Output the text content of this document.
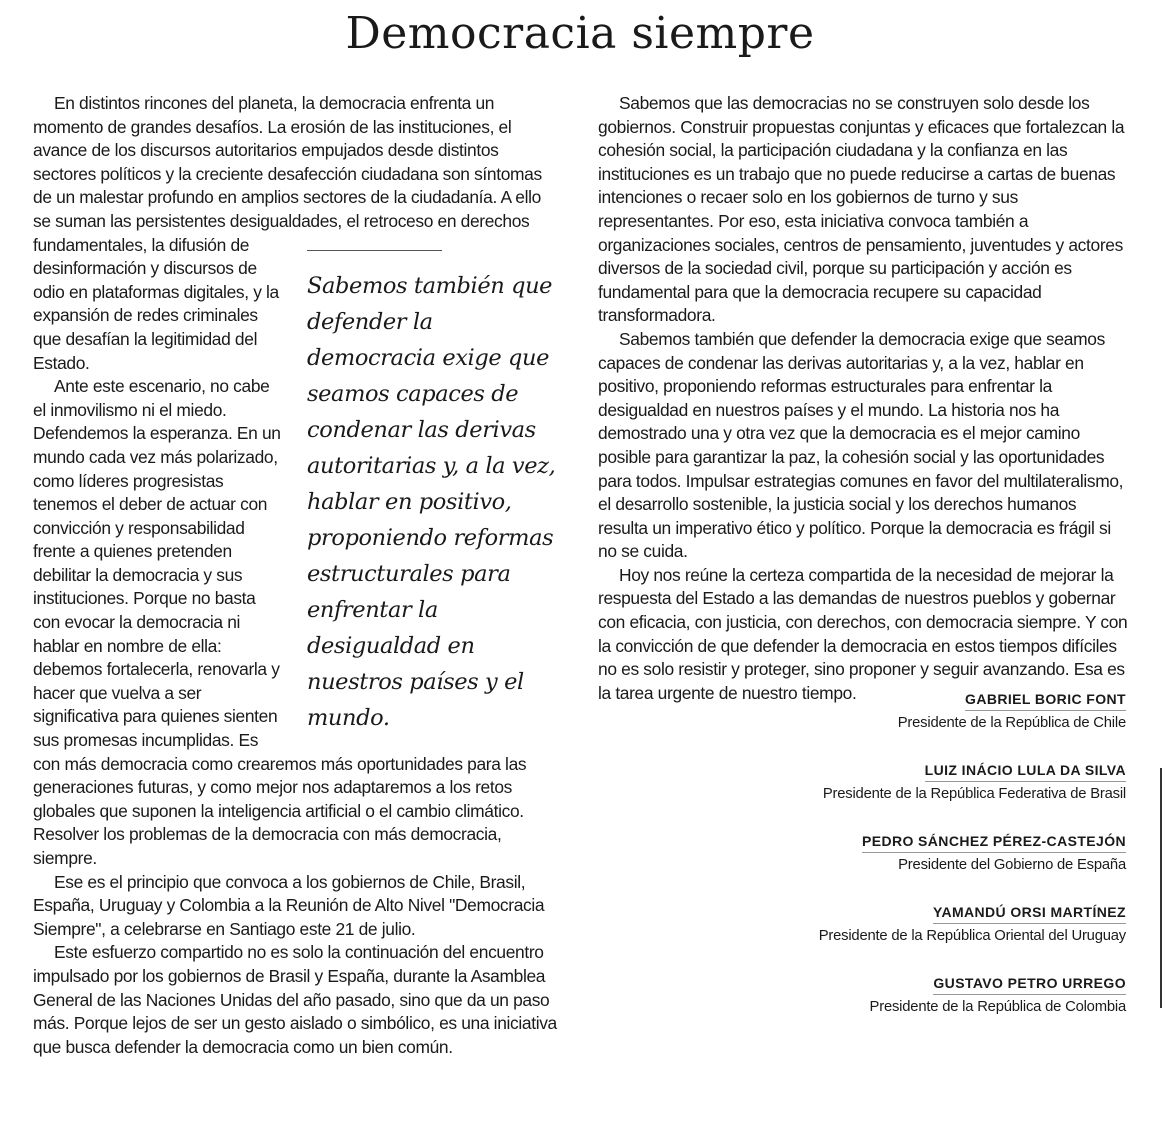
Democracia siempre

En distintos rincones del planeta, la democracia enfrenta un momento de grandes desafíos. La erosión de las instituciones, el avance de los discursos autoritarios empujados desde distintos sectores políticos y la creciente desafección ciudadana son síntomas de un malestar profundo en amplios sectores de la ciudadanía. A ello se suman las persistentes desigualdades, el retroceso en derechos

Sabemos también que defender la democracia exige que seamos capaces de condenar las derivas autoritarias y, a la vez, hablar en positivo, proponiendo reformas estructurales para enfrentar la desigualdad en nuestros países y el mundo.
fundamentales, la difusión de desinformación y discursos de odio en plataformas digitales, y la expansión de redes criminales que desafían la legitimidad del Estado.

Ante este escenario, no cabe el inmovilismo ni el miedo. Defendemos la esperanza. En un mundo cada vez más polarizado, como líderes progresistas tenemos el deber de actuar con convicción y responsabilidad frente a quienes pretenden debilitar la democracia y sus instituciones. Porque no basta con evocar la democracia ni hablar en nombre de ella: debemos fortalecerla, renovarla y hacer que vuelva a ser significativa para quienes sienten sus promesas incumplidas. Es con más democracia como crearemos más oportunidades para las generaciones futuras, y como mejor nos adaptaremos a los retos globales que suponen la inteligencia artificial o el cambio climático. Resolver los problemas de la democracia con más democracia, siempre.

Ese es el principio que convoca a los gobiernos de Chile, Brasil, España, Uruguay y Colombia a la Reunión de Alto Nivel "Democracia Siempre", a celebrarse en Santiago este 21 de julio.

Este esfuerzo compartido no es solo la continuación del encuentro impulsado por los gobiernos de Brasil y España, durante la Asamblea General de las Naciones Unidas del año pasado, sino que da un paso más. Porque lejos de ser un gesto aislado o simbólico, es una iniciativa que busca defender la democracia como un bien común.

Sabemos que las democracias no se construyen solo desde los gobiernos. Construir propuestas conjuntas y eficaces que fortalezcan la cohesión social, la participación ciudadana y la confianza en las instituciones es un trabajo que no puede reducirse a cartas de buenas intenciones o recaer solo en los gobiernos de turno y sus representantes. Por eso, esta iniciativa convoca también a organizaciones sociales, centros de pensamiento, juventudes y actores diversos de la sociedad civil, porque su participación y acción es fundamental para que la democracia recupere su capacidad transformadora.

Sabemos también que defender la democracia exige que seamos capaces de condenar las derivas autoritarias y, a la vez, hablar en positivo, proponiendo reformas estructurales para enfrentar la desigualdad en nuestros países y el mundo. La historia nos ha demostrado una y otra vez que la democracia es el mejor camino posible para garantizar la paz, la cohesión social y las oportunidades para todos. Impulsar estrategias comunes en favor del multilateralismo, el desarrollo sostenible, la justicia social y los derechos humanos resulta un imperativo ético y político. Porque la democracia es frágil si no se cuida.

Hoy nos reúne la certeza compartida de la necesidad de mejorar la respuesta del Estado a las demandas de nuestros pueblos y gobernar con eficacia, con justicia, con derechos, con democracia siempre. Y con la convicción de que defender la democracia en estos tiempos difíciles no es solo resistir y proteger, sino proponer y seguir avanzando. Esa es la tarea urgente de nuestro tiempo.	GABRIEL BORIC FONT
Presidente de la República de Chile
LUIZ INÁCIO LULA DA SILVA
Presidente de la República Federativa de Brasil
PEDRO SÁNCHEZ PÉREZ-CASTEJÓN
Presidente del Gobierno de España
YAMANDÚ ORSI MARTÍNEZ
Presidente de la República Oriental del Uruguay
GUSTAVO PETRO URREGO
Presidente de la República de Colombia
